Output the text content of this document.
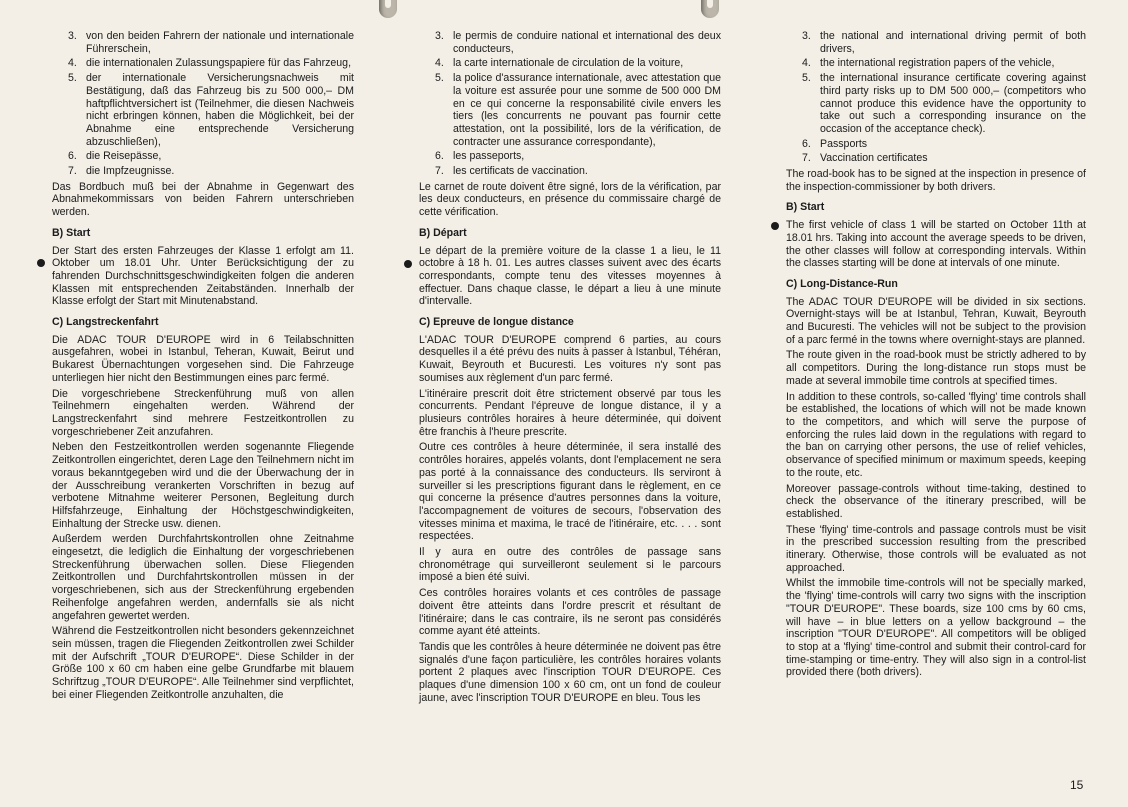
3. von den beiden Fahrern der nationale und internationale Führerschein,
4. die internationalen Zulassungspapiere für das Fahrzeug,
5. der internationale Versicherungsnachweis mit Bestätigung, daß das Fahrzeug bis zu 500 000,– DM haftpflichtversichert ist (Teilnehmer, die diesen Nachweis nicht erbringen können, haben die Möglichkeit, bei der Abnahme eine entsprechende Versicherung abzuschließen),
6. die Reisepässe,
7. die Impfzeugnisse.

Das Bordbuch muß bei der Abnahme in Gegenwart des Abnahmekommissars von beiden Fahrern unterschrieben werden.

B) Start

Der Start des ersten Fahrzeuges der Klasse 1 erfolgt am 11. Oktober um 18.01 Uhr. Unter Berücksichtigung der zu fahrenden Durchschnittsgeschwindigkeiten folgen die anderen Klassen mit entsprechenden Zeitabständen. Innerhalb der Klasse erfolgt der Start mit Minutenabstand.

C) Langstreckenfahrt

Die ADAC TOUR D'EUROPE wird in 6 Teilabschnitten ausgefahren, wobei in Istanbul, Teheran, Kuwait, Beirut und Bukarest Übernachtungen vorgesehen sind. Die Fahrzeuge unterliegen hier nicht den Bestimmungen eines parc fermé.

Die vorgeschriebene Streckenführung muß von allen Teilnehmern eingehalten werden. Während der Langstreckenfahrt sind mehrere Festzeitkontrollen zu vorgeschriebener Zeit anzufahren.

Neben den Festzeitkontrollen werden sogenannte Fliegende Zeitkontrollen eingerichtet, deren Lage den Teilnehmern nicht im voraus bekanntgegeben wird und die der Überwachung der in der Ausschreibung verankerten Vorschriften in bezug auf verbotene Mitnahme weiterer Personen, Begleitung durch Hilfsfahrzeuge, Einhaltung der Höchstgeschwindigkeiten, Einhaltung der Strecke usw. dienen.

Außerdem werden Durchfahrtskontrollen ohne Zeitnahme eingesetzt, die lediglich die Einhaltung der vorgeschriebenen Streckenführung überwachen sollen. Diese Fliegenden Zeitkontrollen und Durchfahrtskontrollen müssen in der vorgeschriebenen, sich aus der Streckenführung ergebenden Reihenfolge angefahren werden, andernfalls sie als nicht angefahren gewertet werden.

Während die Festzeitkontrollen nicht besonders gekennzeichnet sein müssen, tragen die Fliegenden Zeitkontrollen zwei Schilder mit der Aufschrift „TOUR D'EUROPE“. Diese Schilder in der Größe 100 x 60 cm haben eine gelbe Grundfarbe mit blauem Schriftzug „TOUR D'EUROPE“. Alle Teilnehmer sind verpflichtet, bei einer Fliegenden Zeitkontrolle anzuhalten, die

3. le permis de conduire national et international des deux conducteurs,
4. la carte internationale de circulation de la voiture,
5. la police d'assurance internationale, avec attestation que la voiture est assurée pour une somme de 500 000 DM en ce qui concerne la responsabilité civile envers les tiers (les concurrents ne pouvant pas fournir cette attestation, ont la possibilité, lors de la vérification, de contracter une assurance correspondante),
6. les passeports,
7. les certificats de vaccination.

Le carnet de route doivent être signé, lors de la vérification, par les deux conducteurs, en présence du commissaire chargé de cette vérification.

B) Départ

Le départ de la première voiture de la classe 1 a lieu, le 11 octobre à 18 h. 01. Les autres classes suivent avec des écarts correspondants, compte tenu des vitesses moyennes à effectuer. Dans chaque classe, le départ a lieu à une minute d'intervalle.

C) Epreuve de longue distance

L'ADAC TOUR D'EUROPE comprend 6 parties, au cours desquelles il a été prévu des nuits à passer à Istanbul, Téhéran, Kuwait, Beyrouth et Bucuresti. Les voitures n'y sont pas soumises aux règlement d'un parc fermé.

L'itinéraire prescrit doit être strictement observé par tous les concurrents. Pendant l'épreuve de longue distance, il y a plusieurs contrôles horaires à heure déterminée, qui doivent être franchis à l'heure prescrite.

Outre ces contrôles à heure déterminée, il sera installé des contrôles horaires, appelés volants, dont l'emplacement ne sera pas porté à la connaissance des conducteurs. Ils serviront à surveiller si les prescriptions figurant dans le règlement, en ce qui concerne la présence d'autres personnes dans la voiture, l'accompagnement de voitures de secours, l'observation des vitesses minima et maxima, le tracé de l'itinéraire, etc. . . . sont respectées.

Il y aura en outre des contrôles de passage sans chronométrage qui surveilleront seulement si le parcours imposé a bien été suivi.

Ces contrôles horaires volants et ces contrôles de passage doivent être atteints dans l'ordre prescrit et résultant de l'itinéraire; dans le cas contraire, ils ne seront pas considérés comme ayant été atteints.

Tandis que les contrôles à heure déterminée ne doivent pas être signalés d'une façon particulière, les contrôles horaires volants portent 2 plaques avec l'inscription TOUR D'EUROPE. Ces plaques d'une dimension 100 x 60 cm, ont un fond de couleur jaune, avec l'inscription TOUR D'EUROPE en bleu. Tous les

3. the national and international driving permit of both drivers,
4. the international registration papers of the vehicle,
5. the international insurance certificate covering against third party risks up to DM 500 000,– (competitors who cannot produce this evidence have the opportunity to take out such a corresponding insurance on the occasion of the acceptance check).
6. Passports
7. Vaccination certificates

The road-book has to be signed at the inspection in presence of the inspection-commissioner by both drivers.

B) Start

The first vehicle of class 1 will be started on October 11th at 18.01 hrs. Taking into account the average speeds to be driven, the other classes will follow at corresponding intervals. Within the classes starting will be done at intervals of one minute.

C) Long-Distance-Run

The ADAC TOUR D'EUROPE will be divided in six sections. Overnight-stays will be at Istanbul, Tehran, Kuwait, Beyrouth and Bucuresti. The vehicles will not be subject to the provision of a parc fermé in the towns where overnight-stays are planned.

The route given in the road-book must be strictly adhered to by all competitors. During the long-distance run stops must be made at several immobile time controls at specified times.

In addition to these controls, so-called 'flying' time controls shall be established, the locations of which will not be made known to the competitors, and which will serve the purpose of enforcing the rules laid down in the regulations with regard to the ban on carrying other persons, the use of relief vehicles, observance of specified minimum or maximum speeds, keeping to the route, etc.

Moreover passage-controls without time-taking, destined to check the observance of the itinerary prescribed, will be established.

These 'flying' time-controls and passage controls must be visit in the prescribed succession resulting from the prescribed itinerary. Otherwise, those controls will be evaluated as not approached.

Whilst the immobile time-controls will not be specially marked, the 'flying' time-controls will carry two signs with the inscription "TOUR D'EUROPE". These boards, size 100 cms by 60 cms, will have – in blue letters on a yellow background – the inscription "TOUR D'EUROPE". All competitors will be obliged to stop at a 'flying' time-control and submit their control-card for time-stamping or time-entry. They will also sign in a control-list provided there (both drivers).

15
